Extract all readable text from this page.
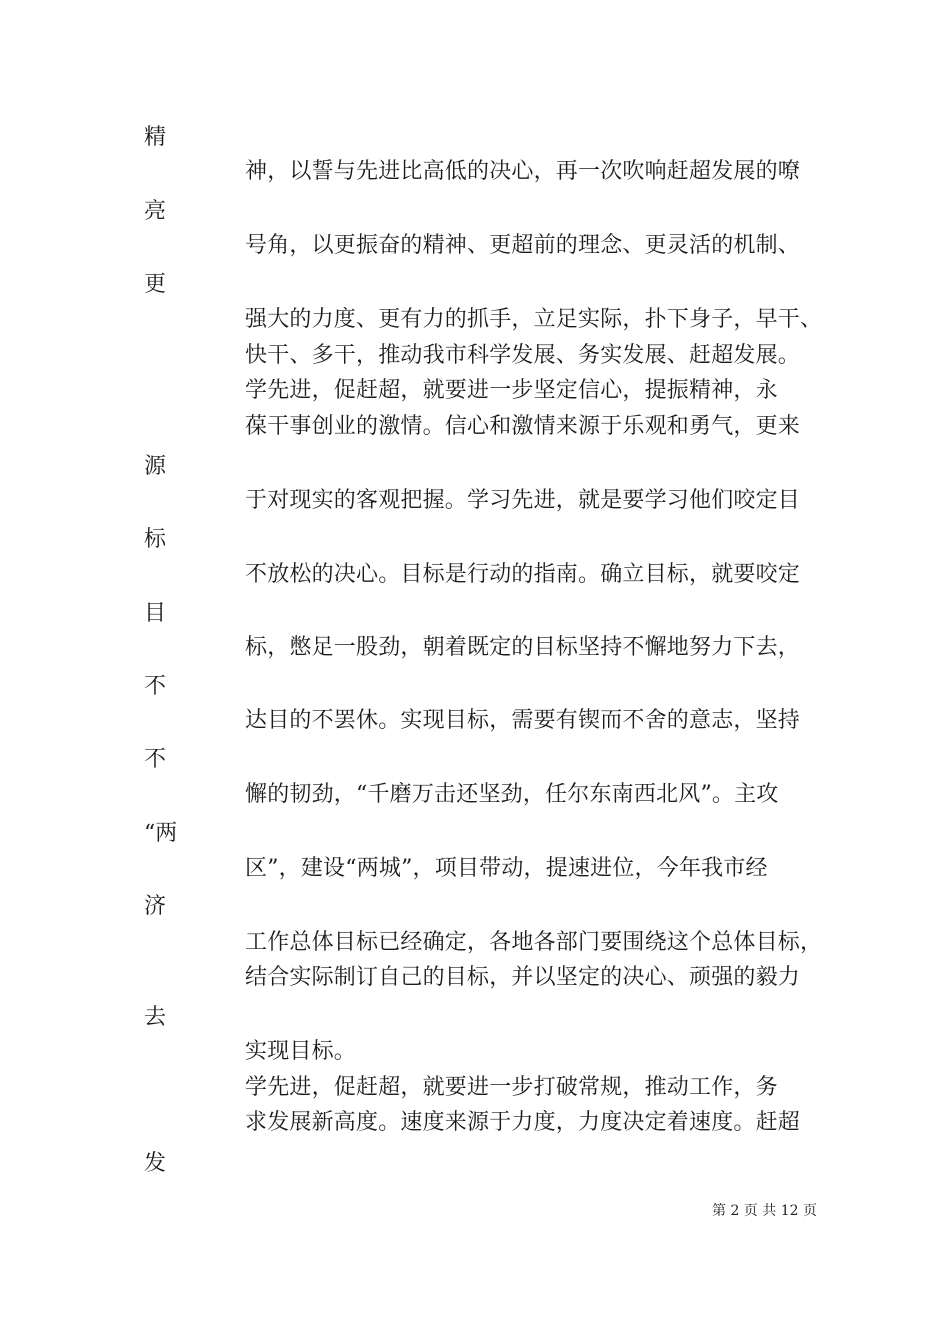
精
亮
更
源
标
目
不
不
“两
济
去
发
神，以誓与先进比高低的决心，再一次吹响赶超发展的嘹
号角，以更振奋的精神、更超前的理念、更灵活的机制、
强大的力度、更有力的抓手，立足实际，扑下身子，早干、
快干、多干，推动我市科学发展、务实发展、赶超发展。
学先进，促赶超，就要进一步坚定信心，提振精神，永
葆干事创业的激情。信心和激情来源于乐观和勇气，更来
于对现实的客观把握。学习先进，就是要学习他们咬定目
不放松的决心。目标是行动的指南。确立目标，就要咬定
标，憋足一股劲，朝着既定的目标坚持不懈地努力下去，
达目的不罢休。实现目标，需要有锲而不舍的意志，坚持
懈的韧劲，“千磨万击还坚劲，任尔东南西北风”。主攻
区”，建设“两城”，项目带动，提速进位，今年我市经
工作总体目标已经确定，各地各部门要围绕这个总体目标，
结合实际制订自己的目标，并以坚定的决心、顽强的毅力
实现目标。
学先进，促赶超，就要进一步打破常规，推动工作，务
求发展新高度。速度来源于力度，力度决定着速度。赶超
第 2 页 共 12 页
